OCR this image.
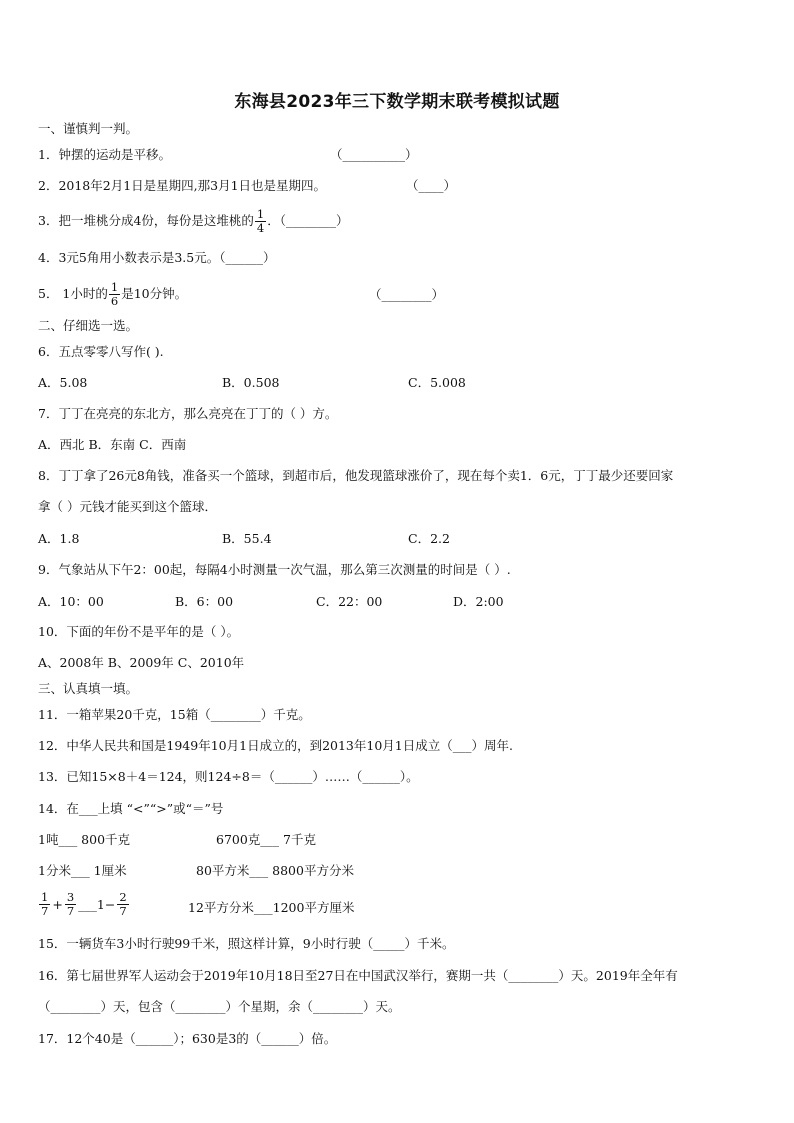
东海县2023年三下数学期末联考模拟试题
一、谨慎判一判。
1．钟摆的运动是平移。	（__________）
2．2018年2月1日是星期四,那3月1日也是星期四。	（____）
3．把一堆桃分成4份，每份是这堆桃的 $\frac{1}{4}$ ．（________）
4．3元5角用小数表示是3.5元。（______）
5． 1小时的 $\frac{1}{6}$ 是10分钟。	（________）
二、仔细选一选。
6．五点零零八写作( ).
A．5.08	B．0.508	C．5.008
7．丁丁在亮亮的东北方，那么亮亮在丁丁的（ ）方。
A．西北 B．东南 C．西南
8．丁丁拿了26元8角钱，准备买一个篮球，到超市后，他发现篮球涨价了，现在每个卖1．6元，丁丁最少还要回家
拿（ ）元钱才能买到这个篮球．
A．1.8	B．55.4	C．2.2
9．气象站从下午2：00起，每隔4小时测量一次气温，那么第三次测量的时间是（ ）.
A．10：00	B．6：00	C．22：00	D．2:00
10．下面的年份不是平年的是（ ）。
A、2008年 B、2009年 C、2010年
三、认真填一填。
11．一箱苹果20千克，15箱（________）千克。
12．中华人民共和国是1949年10月1日成立的，到2013年10月1日成立（___）周年.
13．已知15×8＋4＝124，则124÷8＝（______）……（______）。
14．在___上填 “<”“>”或“＝”号
1吨___ 800千克	6700克___ 7千克
1分米___ 1厘米	80平方米___ 8800平方分米
$\frac{1}{7} + \frac{3}{7}$ ___1− $\frac{2}{7}$	12平方分米___1200平方厘米
15．一辆货车3小时行驶99千米，照这样计算，9小时行驶（_____）千米。
16．第七届世界军人运动会于2019年10月18日至27日在中国武汉举行，赛期一共（________）天。2019年全年有
（________）天，包含（________）个星期，余（________）天。
17．12个40是（______）；630是3的（______）倍。
